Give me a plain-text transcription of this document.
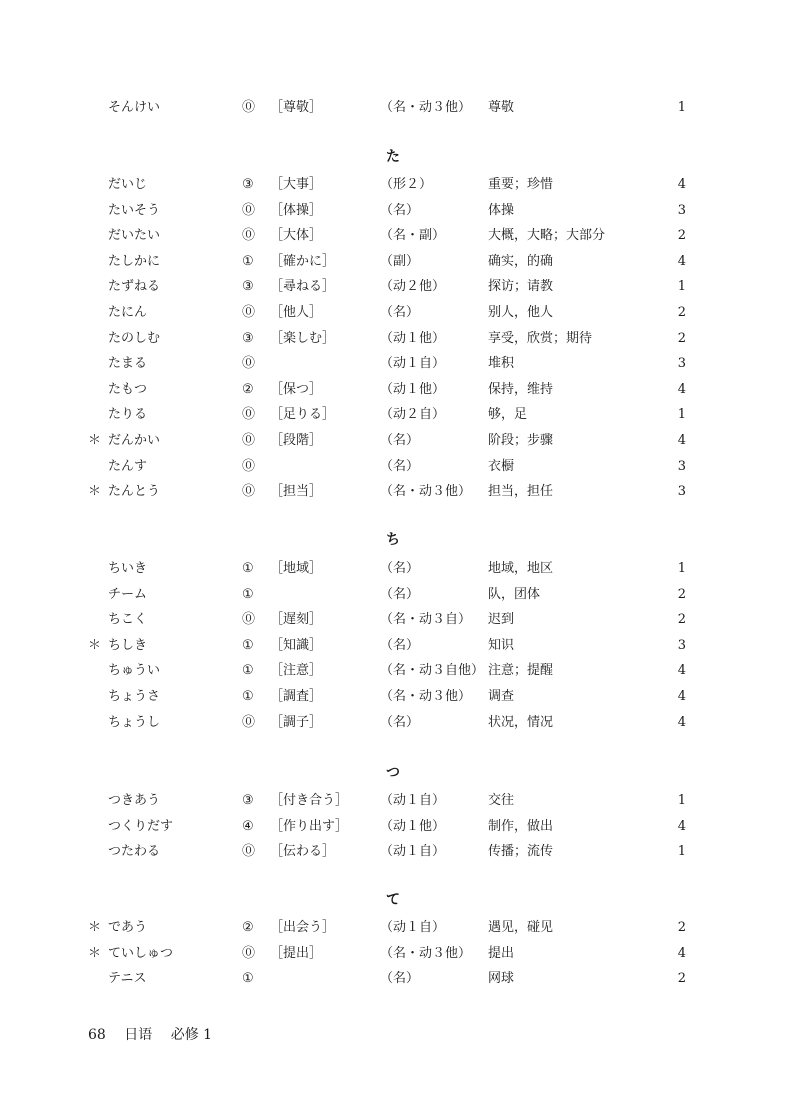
そんけい	⓪ ［尊敬］	（名・动３他） 尊敬	1
た
だいじ	③ ［大事］	（形２）	重要；珍惜	4
たいそう	⓪ ［体操］	（名）	体操	3
だいたい	⓪ ［大体］	（名・副）	大概，大略；大部分	2
たしかに	① ［確かに］	（副）	确实，的确	4
たずねる	③ ［尋ねる］	（动２他）	探访；请教	1
たにん	⓪ ［他人］	（名）	别人，他人	2
たのしむ	③ ［楽しむ］	（动１他）	享受，欣赏；期待	2
たまる	⓪	（动１自）	堆积	3
たもつ	② ［保つ］	（动１他）	保持，维持	4
たりる	⓪ ［足りる］	（动２自）	够，足	1
＊ だんかい	⓪ ［段階］	（名）	阶段；步骤	4
たんす	⓪	（名）	衣橱	3
＊ たんとう	⓪ ［担当］	（名・动３他） 担当，担任	3
ち
ちいき	① ［地域］	（名）	地域，地区	1
チーム	①	（名）	队，团体	2
ちこく	⓪ ［遅刻］	（名・动３自） 迟到	2
＊ ちしき	① ［知識］	（名）	知识	3
ちゅうい	① ［注意］	（名・动３自他） 注意；提醒	4
ちょうさ	① ［調査］	（名・动３他） 调查	4
ちょうし	⓪ ［調子］	（名）	状况，情况	4
つ
つきあう	③ ［付き合う］ （动１自）	交往	1
つくりだす	④ ［作り出す］ （动１他）	制作，做出	4
つたわる	⓪ ［伝わる］	（动１自）	传播；流传	1
て
＊ であう	② ［出会う］	（动１自）	遇见，碰见	2
＊ ていしゅつ	⓪ ［提出］	（名・动３他） 提出	4
テニス	①	（名）	网球	2
68 日语 必修 1
